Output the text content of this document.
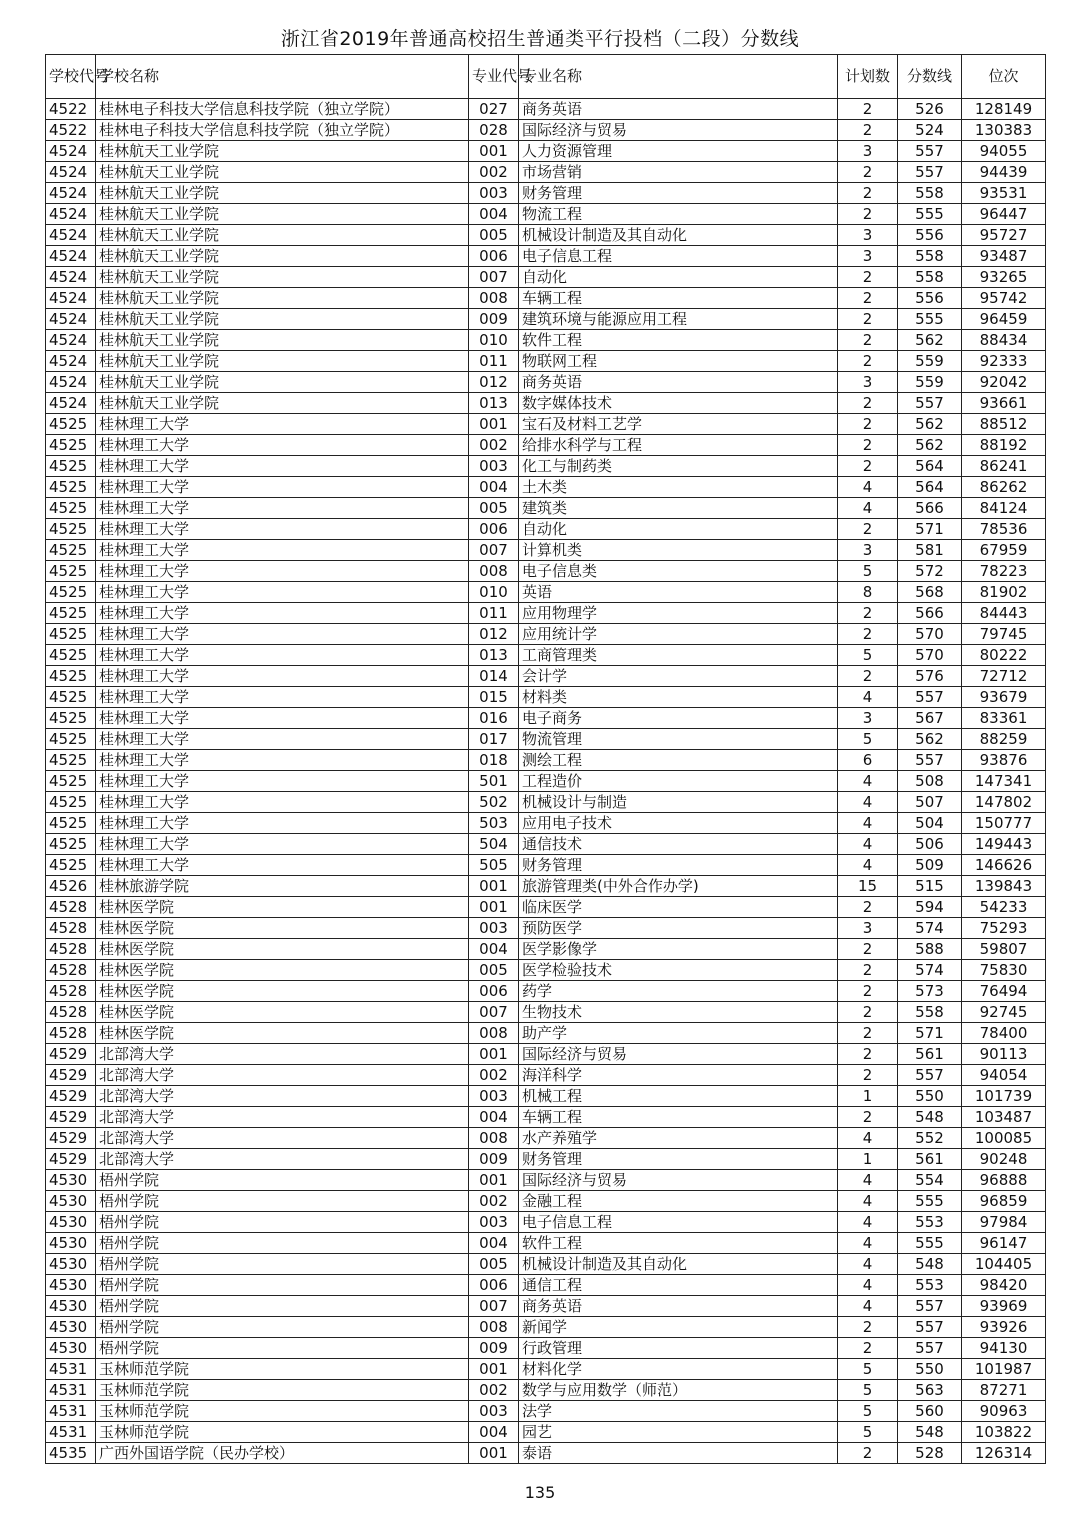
浙江省2019年普通高校招生普通类平行投档（二段）分数线
学校代号	学校名称	专业代号	专业名称	计划数	分数线	位次
4522	桂林电子科技大学信息科技学院（独立学院）	027	商务英语	2	526	128149
4522	桂林电子科技大学信息科技学院（独立学院）	028	国际经济与贸易	2	524	130383
4524	桂林航天工业学院	001	人力资源管理	3	557	94055
4524	桂林航天工业学院	002	市场营销	2	557	94439
4524	桂林航天工业学院	003	财务管理	2	558	93531
4524	桂林航天工业学院	004	物流工程	2	555	96447
4524	桂林航天工业学院	005	机械设计制造及其自动化	3	556	95727
4524	桂林航天工业学院	006	电子信息工程	3	558	93487
4524	桂林航天工业学院	007	自动化	2	558	93265
4524	桂林航天工业学院	008	车辆工程	2	556	95742
4524	桂林航天工业学院	009	建筑环境与能源应用工程	2	555	96459
4524	桂林航天工业学院	010	软件工程	2	562	88434
4524	桂林航天工业学院	011	物联网工程	2	559	92333
4524	桂林航天工业学院	012	商务英语	3	559	92042
4524	桂林航天工业学院	013	数字媒体技术	2	557	93661
4525	桂林理工大学	001	宝石及材料工艺学	2	562	88512
4525	桂林理工大学	002	给排水科学与工程	2	562	88192
4525	桂林理工大学	003	化工与制药类	2	564	86241
4525	桂林理工大学	004	土木类	4	564	86262
4525	桂林理工大学	005	建筑类	4	566	84124
4525	桂林理工大学	006	自动化	2	571	78536
4525	桂林理工大学	007	计算机类	3	581	67959
4525	桂林理工大学	008	电子信息类	5	572	78223
4525	桂林理工大学	010	英语	8	568	81902
4525	桂林理工大学	011	应用物理学	2	566	84443
4525	桂林理工大学	012	应用统计学	2	570	79745
4525	桂林理工大学	013	工商管理类	5	570	80222
4525	桂林理工大学	014	会计学	2	576	72712
4525	桂林理工大学	015	材料类	4	557	93679
4525	桂林理工大学	016	电子商务	3	567	83361
4525	桂林理工大学	017	物流管理	5	562	88259
4525	桂林理工大学	018	测绘工程	6	557	93876
4525	桂林理工大学	501	工程造价	4	508	147341
4525	桂林理工大学	502	机械设计与制造	4	507	147802
4525	桂林理工大学	503	应用电子技术	4	504	150777
4525	桂林理工大学	504	通信技术	4	506	149443
4525	桂林理工大学	505	财务管理	4	509	146626
4526	桂林旅游学院	001	旅游管理类(中外合作办学)	15	515	139843
4528	桂林医学院	001	临床医学	2	594	54233
4528	桂林医学院	003	预防医学	3	574	75293
4528	桂林医学院	004	医学影像学	2	588	59807
4528	桂林医学院	005	医学检验技术	2	574	75830
4528	桂林医学院	006	药学	2	573	76494
4528	桂林医学院	007	生物技术	2	558	92745
4528	桂林医学院	008	助产学	2	571	78400
4529	北部湾大学	001	国际经济与贸易	2	561	90113
4529	北部湾大学	002	海洋科学	2	557	94054
4529	北部湾大学	003	机械工程	1	550	101739
4529	北部湾大学	004	车辆工程	2	548	103487
4529	北部湾大学	008	水产养殖学	4	552	100085
4529	北部湾大学	009	财务管理	1	561	90248
4530	梧州学院	001	国际经济与贸易	4	554	96888
4530	梧州学院	002	金融工程	4	555	96859
4530	梧州学院	003	电子信息工程	4	553	97984
4530	梧州学院	004	软件工程	4	555	96147
4530	梧州学院	005	机械设计制造及其自动化	4	548	104405
4530	梧州学院	006	通信工程	4	553	98420
4530	梧州学院	007	商务英语	4	557	93969
4530	梧州学院	008	新闻学	2	557	93926
4530	梧州学院	009	行政管理	2	557	94130
4531	玉林师范学院	001	材料化学	5	550	101987
4531	玉林师范学院	002	数学与应用数学（师范）	5	563	87271
4531	玉林师范学院	003	法学	5	560	90963
4531	玉林师范学院	004	园艺	5	548	103822
4535	广西外国语学院（民办学校）	001	泰语	2	528	126314
135
